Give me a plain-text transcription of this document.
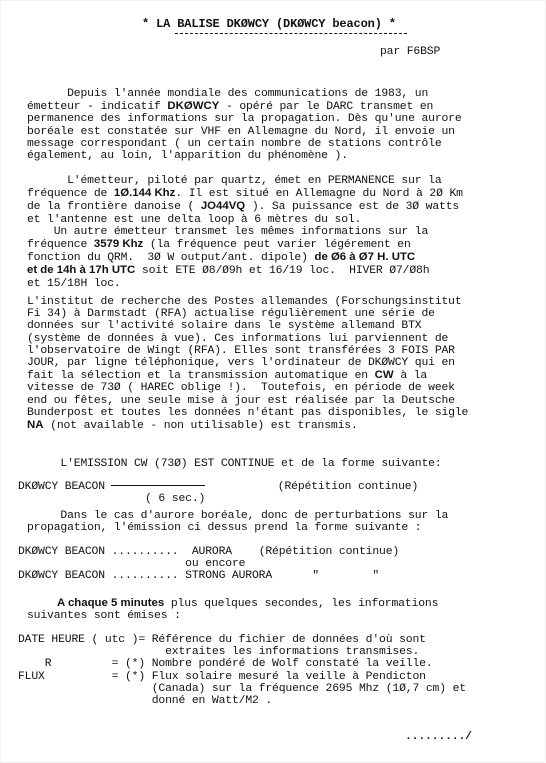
* LA BALISE DKØWCY (DKØWCY beacon) *
par F6BSP
Depuis l'année mondiale des communications de 1983, un
émetteur - indicatif DKØWCY - opéré par le DARC transmet en
permanence des informations sur la propagation. Dès qu'une aurore
boréale est constatée sur VHF en Allemagne du Nord, il envoie un
message correspondant ( un certain nombre de stations contrôle
également, au loin, l'apparition du phénomène ).
L'émetteur, piloté par quartz, émet en PERMANENCE sur la
fréquence de 1Ø.144 Khz. Il est situé en Allemagne du Nord à 2Ø Km
de la frontière danoise ( JO44VQ ). Sa puissance est de 3Ø watts
et l'antenne est une delta loop à 6 mètres du sol.
Un autre émetteur transmet les mêmes informations sur la
fréquence 3579 Khz (la fréquence peut varier légérement en
fonction du QRM.  3Ø W output/ant. dipole) de Ø6 à Ø7 H. UTC
et de 14h à 17h UTC soit ETE Ø8/Ø9h et 16/19 loc.  HIVER Ø7/Ø8h
et 15/18H loc.
L'institut de recherche des Postes allemandes (Forschungsinstitut
Fi 34) à Darmstadt (RFA) actualise régulièrement une série de
données sur l'activité solaire dans le système allemand BTX
(système de données à vue). Ces informations lui parviennent de
l'observatoire de Wingt (RFA). Elles sont transférées 3 FOIS PAR
JOUR, par ligne téléphonique, vers l'ordinateur de DKØWCY qui en
fait la sélection et la transmission automatique en CW à la
vitesse de 73Ø ( HAREC oblige !).  Toutefois, en période de week
end ou fêtes, une seule mise à jour est réalisée par la Deutsche
Bunderpost et toutes les données n'étant pas disponibles, le sigle
NA (not available - non utilisable) est transmis.
L'EMISSION CW (73Ø) EST CONTINUE et de la forme suivante:
DKØWCY BEACON	(Répétition continue)
( 6 sec.)
Dans le cas d'aurore boréale, donc de perturbations sur la
propagation, l'émission ci dessus prend la forme suivante :
DKØWCY BEACON ..........  AURORA (Répétition continue)
ou encore
DKØWCY BEACON .......... STRONG AURORA	"	"
A chaque 5 minutes plus quelques secondes, les informations
suivantes sont émises :
DATE HEURE ( utc )= Référence du fichier de données d'où sont
extraites les informations transmises.
R	= (*) Nombre pondéré de Wolf constaté la veille.
FLUX	= (*) Flux solaire mesuré la veille à Pendicton
(Canada) sur la fréquence 2695 Mhz (1Ø,7 cm) et
donné en Watt/M2 .
........./
